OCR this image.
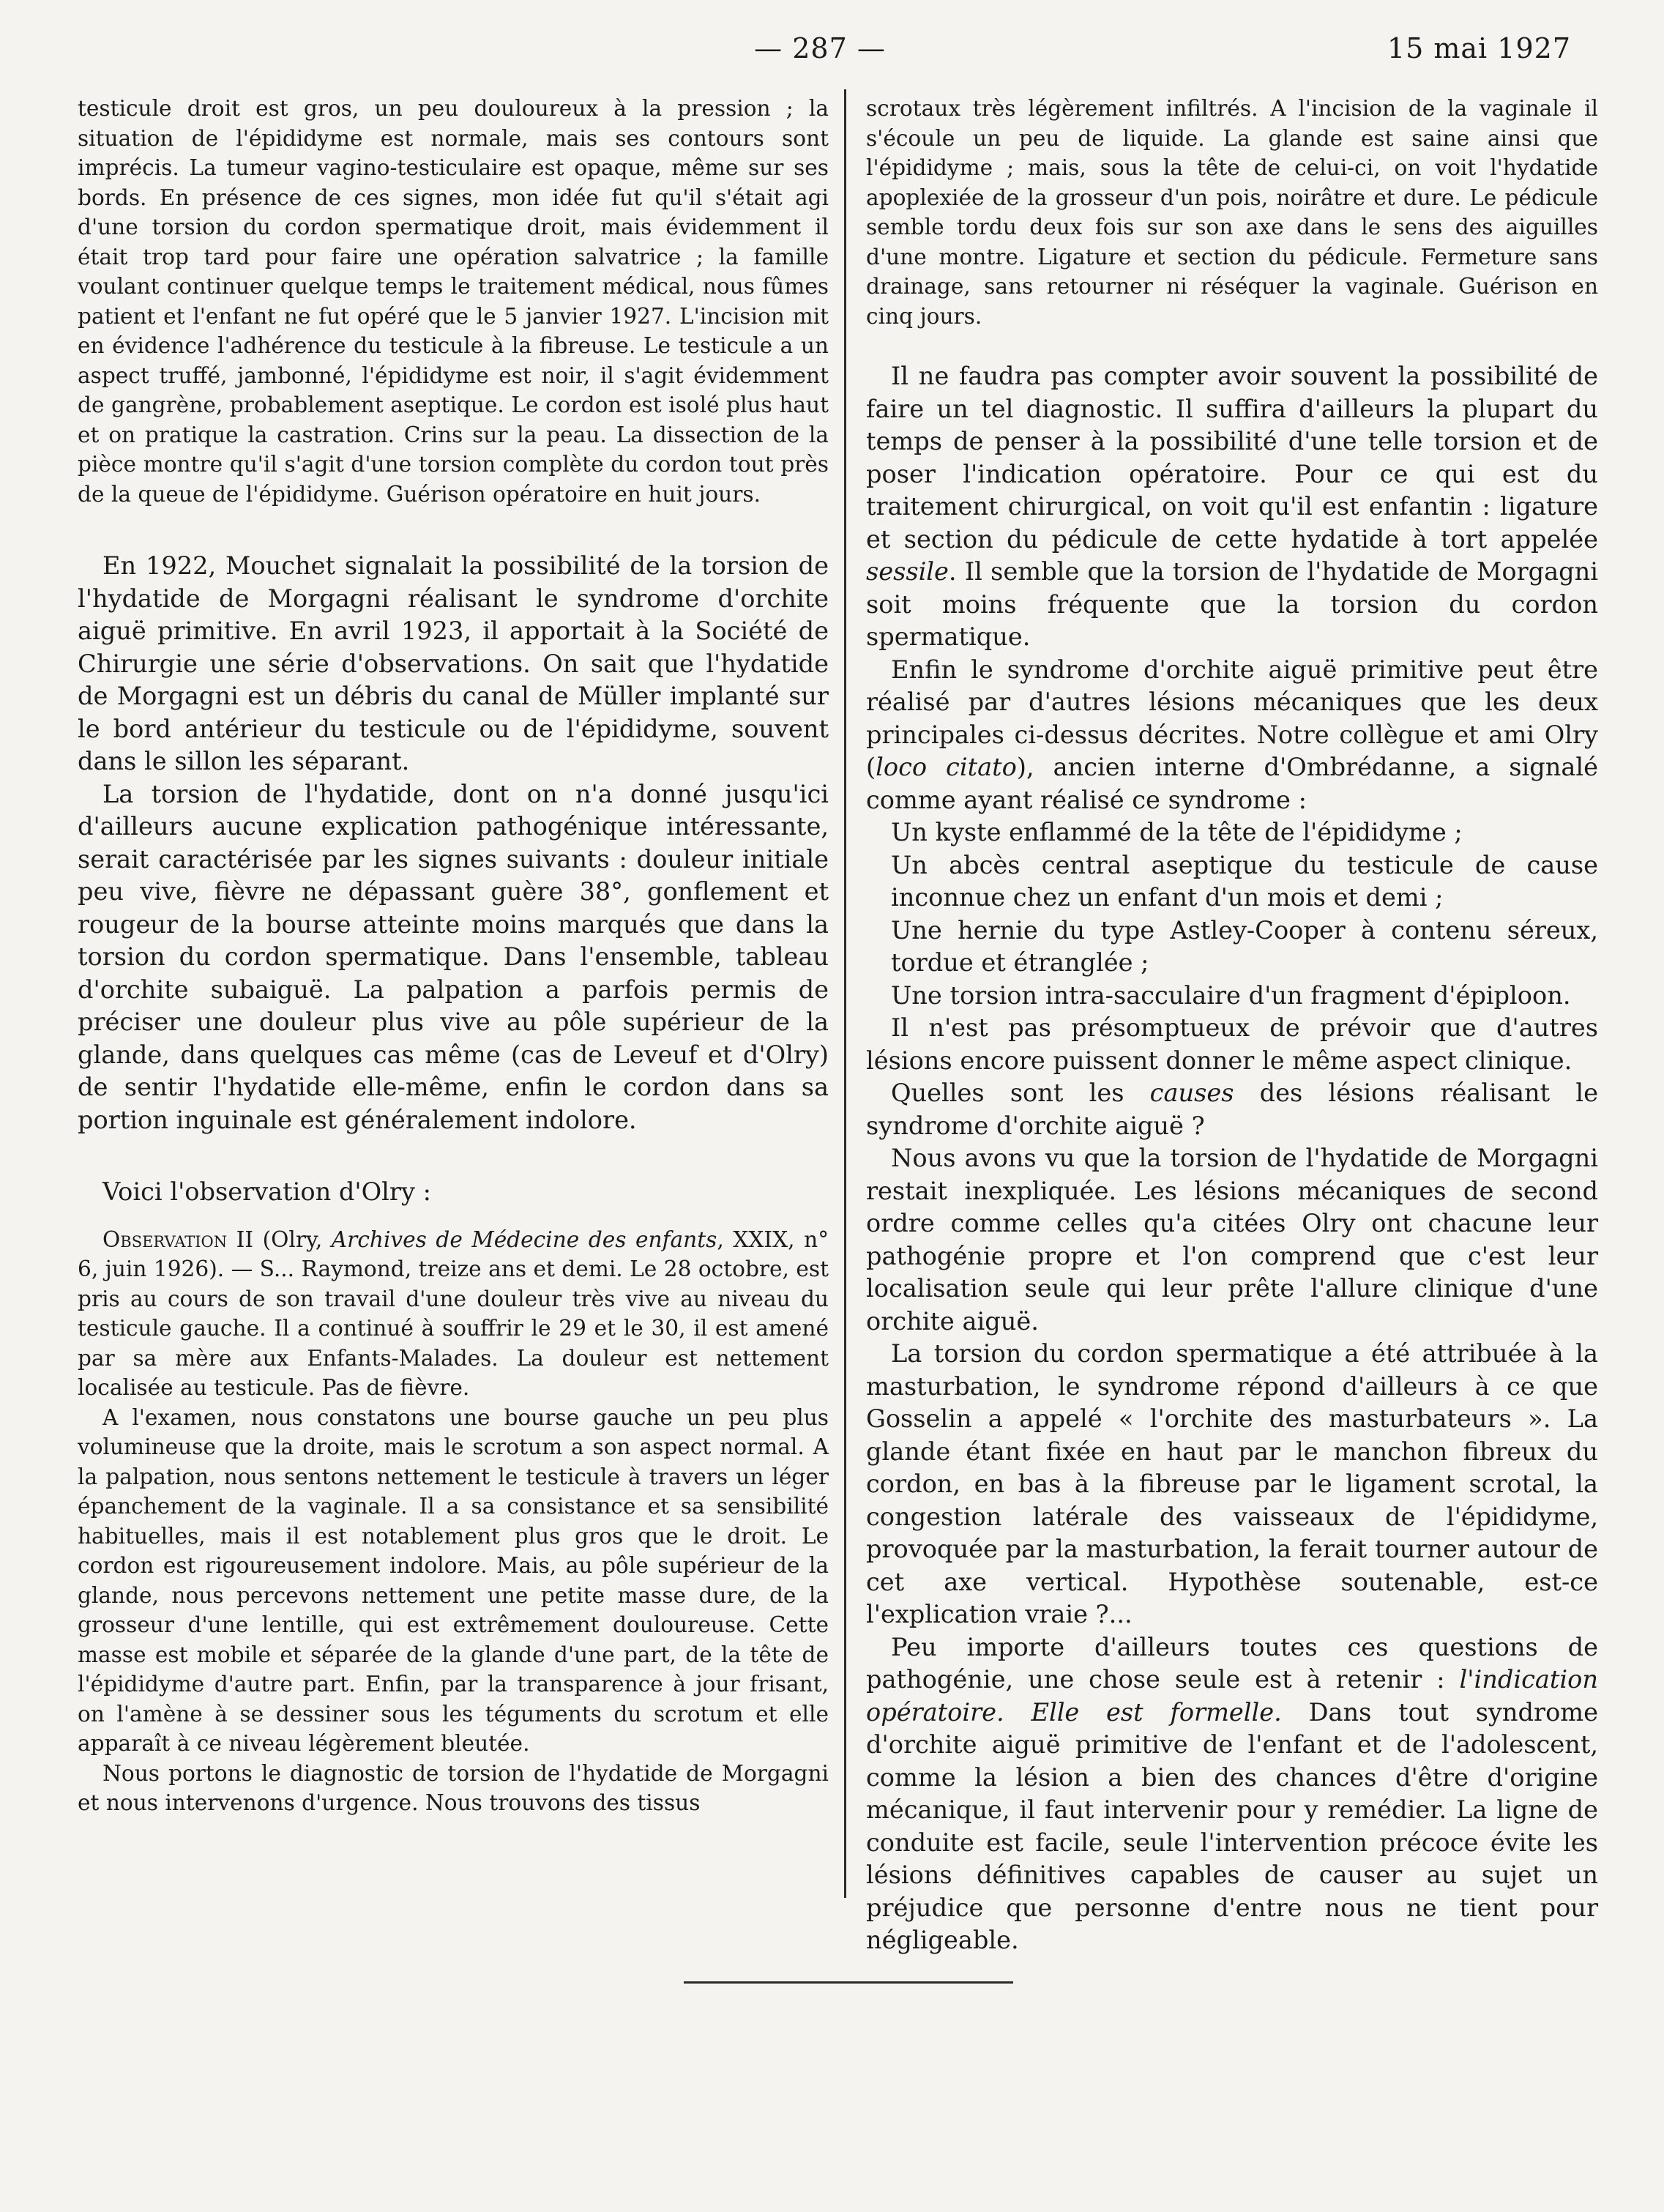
— 287 —	15 mai 1927

testicule droit est gros, un peu douloureux à la pression ; la situation de l'épididyme est normale, mais ses contours sont imprécis. La tumeur vagino-testiculaire est opaque, même sur ses bords. En présence de ces signes, mon idée fut qu'il s'était agi d'une torsion du cordon spermatique droit, mais évidemment il était trop tard pour faire une opération salvatrice ; la famille voulant continuer quelque temps le traitement médical, nous fûmes patient et l'enfant ne fut opéré que le 5 janvier 1927. L'incision mit en évidence l'adhérence du testicule à la fibreuse. Le testicule a un aspect truffé, jambonné, l'épididyme est noir, il s'agit évidemment de gangrène, probablement aseptique. Le cordon est isolé plus haut et on pratique la castration. Crins sur la peau. La dissection de la pièce montre qu'il s'agit d'une torsion complète du cordon tout près de la queue de l'épididyme. Guérison opératoire en huit jours.

En 1922, Mouchet signalait la possibilité de la torsion de l'hydatide de Morgagni réalisant le syndrome d'orchite aiguë primitive. En avril 1923, il apportait à la Société de Chirurgie une série d'observations. On sait que l'hydatide de Morgagni est un débris du canal de Müller implanté sur le bord antérieur du testicule ou de l'épididyme, souvent dans le sillon les séparant.

La torsion de l'hydatide, dont on n'a donné jusqu'ici d'ailleurs aucune explication pathogénique intéressante, serait caractérisée par les signes suivants : douleur initiale peu vive, fièvre ne dépassant guère 38°, gonflement et rougeur de la bourse atteinte moins marqués que dans la torsion du cordon spermatique. Dans l'ensemble, tableau d'orchite subaiguë. La palpation a parfois permis de préciser une douleur plus vive au pôle supérieur de la glande, dans quelques cas même (cas de Leveuf et d'Olry) de sentir l'hydatide elle-même, enfin le cordon dans sa portion inguinale est généralement indolore.

Voici l'observation d'Olry :

Observation II (Olry, Archives de Médecine des enfants, XXIX, n° 6, juin 1926). — S... Raymond, treize ans et demi. Le 28 octobre, est pris au cours de son travail d'une douleur très vive au niveau du testicule gauche. Il a continué à souffrir le 29 et le 30, il est amené par sa mère aux Enfants-Malades. La douleur est nettement localisée au testicule. Pas de fièvre.

A l'examen, nous constatons une bourse gauche un peu plus volumineuse que la droite, mais le scrotum a son aspect normal. A la palpation, nous sentons nettement le testicule à travers un léger épanchement de la vaginale. Il a sa consistance et sa sensibilité habituelles, mais il est notablement plus gros que le droit. Le cordon est rigoureusement indolore. Mais, au pôle supérieur de la glande, nous percevons nettement une petite masse dure, de la grosseur d'une lentille, qui est extrêmement douloureuse. Cette masse est mobile et séparée de la glande d'une part, de la tête de l'épididyme d'autre part. Enfin, par la transparence à jour frisant, on l'amène à se dessiner sous les téguments du scrotum et elle apparaît à ce niveau légèrement bleutée.

Nous portons le diagnostic de torsion de l'hydatide de Morgagni et nous intervenons d'urgence. Nous trouvons des tissus

scrotaux très légèrement infiltrés. A l'incision de la vaginale il s'écoule un peu de liquide. La glande est saine ainsi que l'épididyme ; mais, sous la tête de celui-ci, on voit l'hydatide apoplexiée de la grosseur d'un pois, noirâtre et dure. Le pédicule semble tordu deux fois sur son axe dans le sens des aiguilles d'une montre. Ligature et section du pédicule. Fermeture sans drainage, sans retourner ni réséquer la vaginale. Guérison en cinq jours.

Il ne faudra pas compter avoir souvent la possibilité de faire un tel diagnostic. Il suffira d'ailleurs la plupart du temps de penser à la possibilité d'une telle torsion et de poser l'indication opératoire. Pour ce qui est du traitement chirurgical, on voit qu'il est enfantin : ligature et section du pédicule de cette hydatide à tort appelée sessile. Il semble que la torsion de l'hydatide de Morgagni soit moins fréquente que la torsion du cordon spermatique.

Enfin le syndrome d'orchite aiguë primitive peut être réalisé par d'autres lésions mécaniques que les deux principales ci-dessus décrites. Notre collègue et ami Olry (loco citato), ancien interne d'Ombrédanne, a signalé comme ayant réalisé ce syndrome :

Un kyste enflammé de la tête de l'épididyme ;

Un abcès central aseptique du testicule de cause inconnue chez un enfant d'un mois et demi ;

Une hernie du type Astley-Cooper à contenu séreux, tordue et étranglée ;

Une torsion intra-sacculaire d'un fragment d'épiploon.

Il n'est pas présomptueux de prévoir que d'autres lésions encore puissent donner le même aspect clinique.

Quelles sont les causes des lésions réalisant le syndrome d'orchite aiguë ?

Nous avons vu que la torsion de l'hydatide de Morgagni restait inexpliquée. Les lésions mécaniques de second ordre comme celles qu'a citées Olry ont chacune leur pathogénie propre et l'on comprend que c'est leur localisation seule qui leur prête l'allure clinique d'une orchite aiguë.

La torsion du cordon spermatique a été attribuée à la masturbation, le syndrome répond d'ailleurs à ce que Gosselin a appelé « l'orchite des masturbateurs ». La glande étant fixée en haut par le manchon fibreux du cordon, en bas à la fibreuse par le ligament scrotal, la congestion latérale des vaisseaux de l'épididyme, provoquée par la masturbation, la ferait tourner autour de cet axe vertical. Hypothèse soutenable, est-ce l'explication vraie ?...

Peu importe d'ailleurs toutes ces questions de pathogénie, une chose seule est à retenir : l'indication opératoire. Elle est formelle. Dans tout syndrome d'orchite aiguë primitive de l'enfant et de l'adolescent, comme la lésion a bien des chances d'être d'origine mécanique, il faut intervenir pour y remédier. La ligne de conduite est facile, seule l'intervention précoce évite les lésions définitives capables de causer au sujet un préjudice que personne d'entre nous ne tient pour négligeable.
